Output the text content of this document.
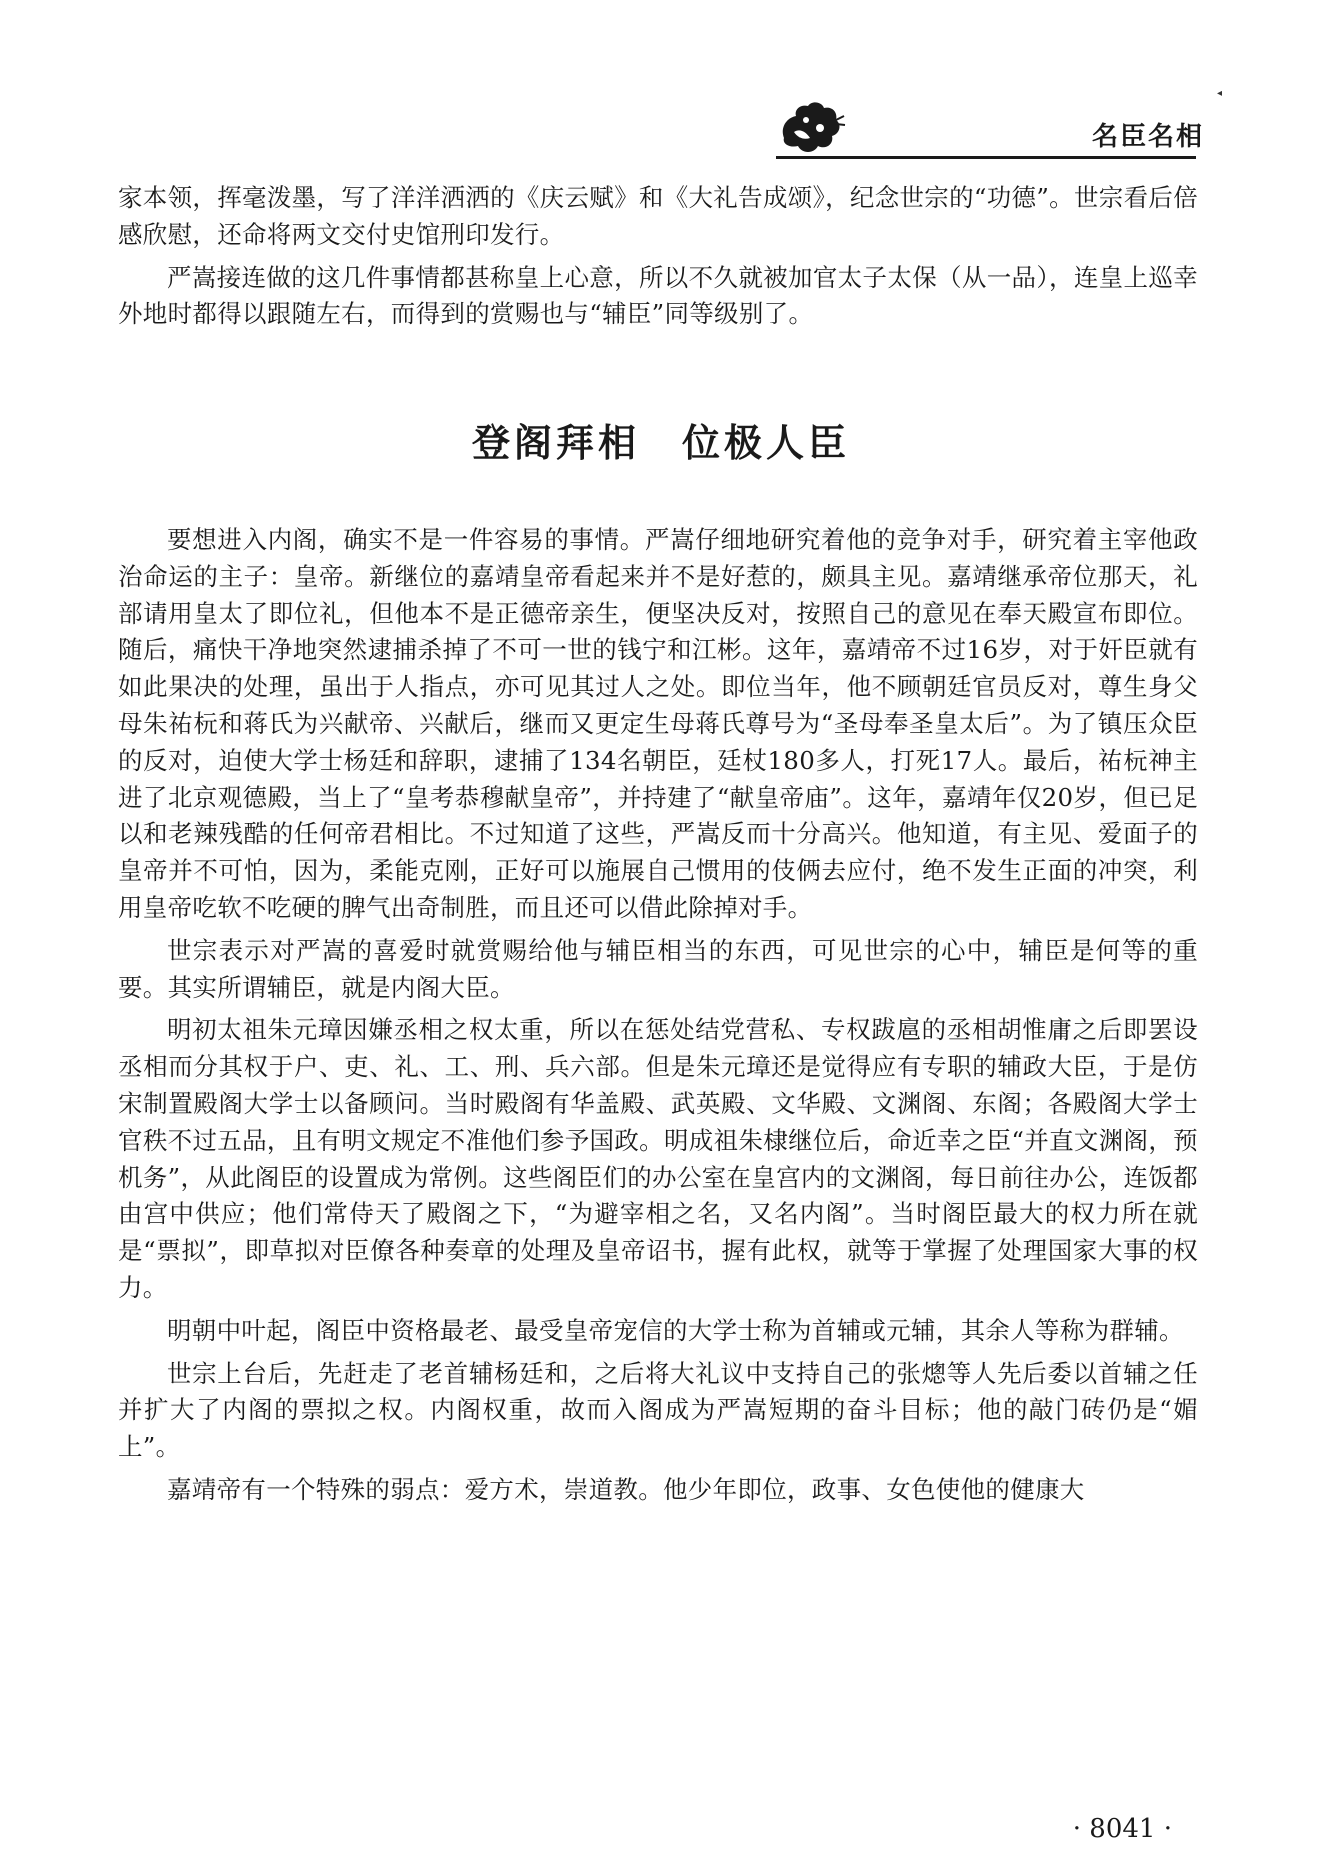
◂
名臣名相

家本领，挥毫泼墨，写了洋洋洒洒的《庆云赋》和《大礼告成颂》，纪念世宗的“功德”。世宗看后倍感欣慰，还命将两文交付史馆刑印发行。

严嵩接连做的这几件事情都甚称皇上心意，所以不久就被加官太子太保（从一品），连皇上巡幸外地时都得以跟随左右，而得到的赏赐也与“辅臣”同等级别了。

登阁拜相　位极人臣

要想进入内阁，确实不是一件容易的事情。严嵩仔细地研究着他的竞争对手，研究着主宰他政治命运的主子：皇帝。新继位的嘉靖皇帝看起来并不是好惹的，颇具主见。嘉靖继承帝位那天，礼部请用皇太了即位礼，但他本不是正德帝亲生，便坚决反对，按照自己的意见在奉天殿宣布即位。随后，痛快干净地突然逮捕杀掉了不可一世的钱宁和江彬。这年，嘉靖帝不过16岁，对于奸臣就有如此果决的处理，虽出于人指点，亦可见其过人之处。即位当年，他不顾朝廷官员反对，尊生身父母朱祐杬和蒋氏为兴献帝、兴献后，继而又更定生母蒋氏尊号为“圣母奉圣皇太后”。为了镇压众臣的反对，迫使大学士杨廷和辞职，逮捕了134名朝臣，廷杖180多人，打死17人。最后，祐杬神主进了北京观德殿，当上了“皇考恭穆献皇帝”，并持建了“献皇帝庙”。这年，嘉靖年仅20岁，但已足以和老辣残酷的任何帝君相比。不过知道了这些，严嵩反而十分高兴。他知道，有主见、爱面子的皇帝并不可怕，因为，柔能克刚，正好可以施展自己惯用的伎俩去应付，绝不发生正面的冲突，利用皇帝吃软不吃硬的脾气出奇制胜，而且还可以借此除掉对手。

世宗表示对严嵩的喜爱时就赏赐给他与辅臣相当的东西，可见世宗的心中，辅臣是何等的重要。其实所谓辅臣，就是内阁大臣。

明初太祖朱元璋因嫌丞相之权太重，所以在惩处结党营私、专权跋扈的丞相胡惟庸之后即罢设丞相而分其权于户、吏、礼、工、刑、兵六部。但是朱元璋还是觉得应有专职的辅政大臣，于是仿宋制置殿阁大学士以备顾问。当时殿阁有华盖殿、武英殿、文华殿、文渊阁、东阁；各殿阁大学士官秩不过五品，且有明文规定不准他们参予国政。明成祖朱棣继位后，命近幸之臣“并直文渊阁，预机务”，从此阁臣的设置成为常例。这些阁臣们的办公室在皇宫内的文渊阁，每日前往办公，连饭都由宫中供应；他们常侍天了殿阁之下，“为避宰相之名，又名内阁”。当时阁臣最大的权力所在就是“票拟”，即草拟对臣僚各种奏章的处理及皇帝诏书，握有此权，就等于掌握了处理国家大事的权力。

明朝中叶起，阁臣中资格最老、最受皇帝宠信的大学士称为首辅或元辅，其余人等称为群辅。

世宗上台后，先赶走了老首辅杨廷和，之后将大礼议中支持自己的张熜等人先后委以首辅之任并扩大了内阁的票拟之权。内阁权重，故而入阁成为严嵩短期的奋斗目标；他的敲门砖仍是“媚上”。

嘉靖帝有一个特殊的弱点：爱方术，崇道教。他少年即位，政事、女色使他的健康大

· 8041 ·
